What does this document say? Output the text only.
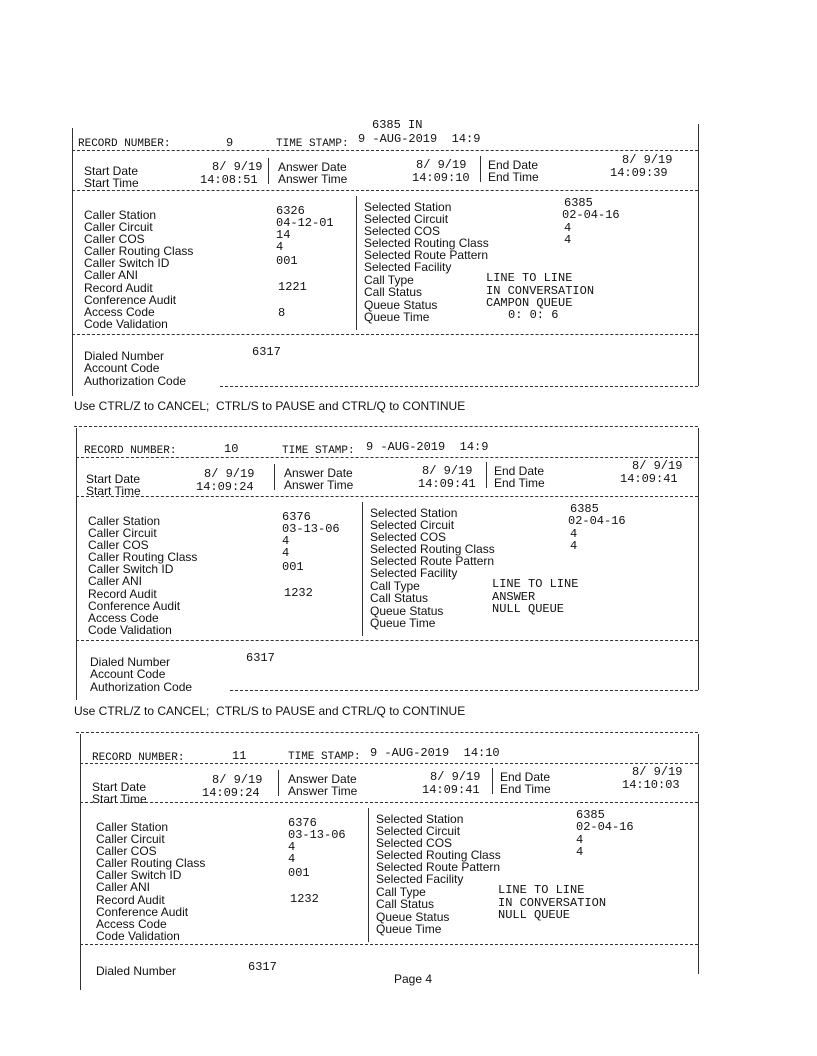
6385 IN
RECORD NUMBER:	9	TIME STAMP: 9 -AUG-2019  14:9
Start Date	8/ 9/19
Start Time	14:08:51
Answer Date	8/ 9/19
Answer Time	14:09:10
End Date	8/ 9/19
End Time	14:09:39
Caller Station	6326
Caller Circuit	04-12-01
Caller COS	14
Caller Routing Class	4
Caller Switch ID	001
Caller ANI
Record Audit	1221
Conference Audit
Access Code	8
Code Validation
Selected Station	6385
Selected Circuit	02-04-16
Selected COS	4
Selected Routing Class	4
Selected Route Pattern
Selected Facility
Call Type	LINE TO LINE
Call Status	IN CONVERSATION
Queue Status	CAMPON QUEUE
Queue Time	0: 0: 6
Dialed Number	6317
Account Code
Authorization Code
Use CTRL/Z to CANCEL;  CTRL/S to PAUSE and CTRL/Q to CONTINUE
RECORD NUMBER:	10	TIME STAMP: 9 -AUG-2019  14:9
Start Date	8/ 9/19
Start Time	14:09:24
Answer Date	8/ 9/19
Answer Time	14:09:41
End Date	8/ 9/19
End Time	14:09:41
Caller Station	6376
Caller Circuit	03-13-06
Caller COS	4
Caller Routing Class	4
Caller Switch ID	001
Caller ANI
Record Audit	1232
Conference Audit
Access Code
Code Validation
Selected Station	6385
Selected Circuit	02-04-16
Selected COS	4
Selected Routing Class	4
Selected Route Pattern
Selected Facility
Call Type	LINE TO LINE
Call Status	ANSWER
Queue Status	NULL QUEUE
Queue Time
Dialed Number	6317
Account Code
Authorization Code
Use CTRL/Z to CANCEL;  CTRL/S to PAUSE and CTRL/Q to CONTINUE
RECORD NUMBER:	11	TIME STAMP: 9 -AUG-2019  14:10
Start Date	8/ 9/19
Start Time	14:09:24
Answer Date	8/ 9/19
Answer Time	14:09:41
End Date	8/ 9/19
End Time	14:10:03
Caller Station	6376
Caller Circuit	03-13-06
Caller COS	4
Caller Routing Class	4
Caller Switch ID	001
Caller ANI
Record Audit	1232
Conference Audit
Access Code
Code Validation
Selected Station	6385
Selected Circuit	02-04-16
Selected COS	4
Selected Routing Class	4
Selected Route Pattern
Selected Facility
Call Type	LINE TO LINE
Call Status	IN CONVERSATION
Queue Status	NULL QUEUE
Queue Time
Dialed Number	6317
Page 4
